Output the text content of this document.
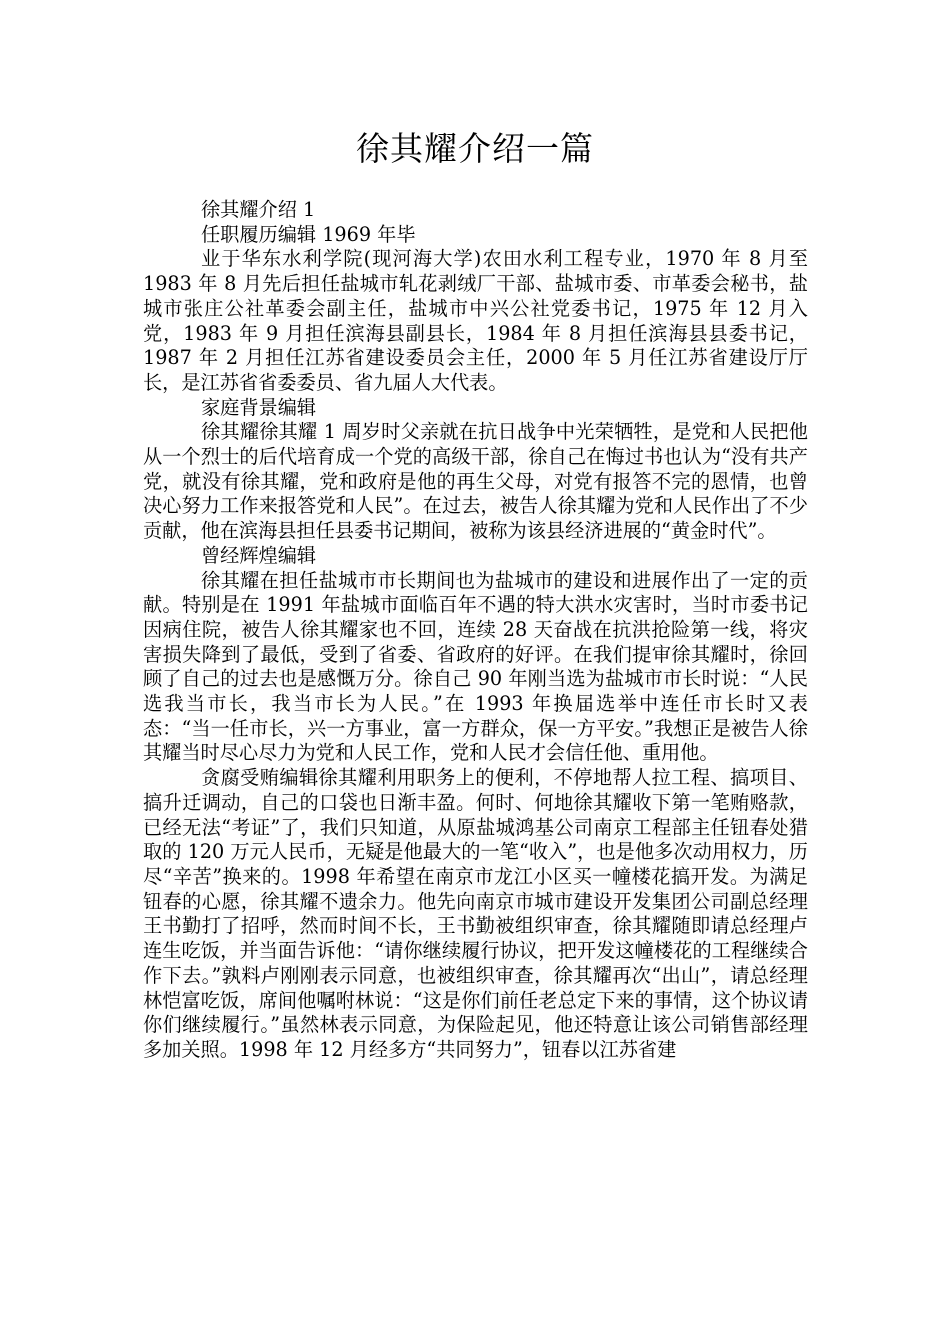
徐其耀介绍一篇

徐其耀介绍 1

任职履历编辑 1969 年毕

业于华东水利学院(现河海大学)农田水利工程专业，1970 年 8 月至 1983 年 8 月先后担任盐城市轧花剥绒厂干部、盐城市委、市革委会秘书，盐城市张庄公社革委会副主任，盐城市中兴公社党委书记，1975 年 12 月入党，1983 年 9 月担任滨海县副县长，1984 年 8 月担任滨海县县委书记，1987 年 2 月担任江苏省建设委员会主任，2000 年 5 月任江苏省建设厅厅长，是江苏省省委委员、省九届人大代表。

家庭背景编辑

徐其耀徐其耀 1 周岁时父亲就在抗日战争中光荣牺牲，是党和人民把他从一个烈士的后代培育成一个党的高级干部，徐自己在悔过书也认为“没有共产党，就没有徐其耀，党和政府是他的再生父母，对党有报答不完的恩情，也曾决心努力工作来报答党和人民”。在过去，被告人徐其耀为党和人民作出了不少贡献，他在滨海县担任县委书记期间，被称为该县经济进展的“黄金时代”。

曾经辉煌编辑

徐其耀在担任盐城市市长期间也为盐城市的建设和进展作出了一定的贡献。特别是在 1991 年盐城市面临百年不遇的特大洪水灾害时，当时市委书记因病住院，被告人徐其耀家也不回，连续 28 天奋战在抗洪抢险第一线，将灾害损失降到了最低，受到了省委、省政府的好评。在我们提审徐其耀时，徐回顾了自己的过去也是感慨万分。徐自己 90 年刚当选为盐城市市长时说：“人民选我当市长，我当市长为人民。”在 1993 年换届选举中连任市长时又表态：“当一任市长，兴一方事业，富一方群众，保一方平安。”我想正是被告人徐其耀当时尽心尽力为党和人民工作，党和人民才会信任他、重用他。

贪腐受贿编辑徐其耀利用职务上的便利，不停地帮人拉工程、搞项目、搞升迁调动，自己的口袋也日渐丰盈。何时、何地徐其耀收下第一笔贿赂款，已经无法“考证”了，我们只知道，从原盐城鸿基公司南京工程部主任钮春处猎取的 120 万元人民币，无疑是他最大的一笔“收入”，也是他多次动用权力，历尽“辛苦”换来的。1998 年希望在南京市龙江小区买一幢楼花搞开发。为满足钮春的心愿，徐其耀不遗余力。他先向南京市城市建设开发集团公司副总经理王书勤打了招呼，然而时间不长，王书勤被组织审查，徐其耀随即请总经理卢连生吃饭，并当面告诉他：“请你继续履行协议，把开发这幢楼花的工程继续合作下去。”孰料卢刚刚表示同意，也被组织审查，徐其耀再次“出山”，请总经理林恺富吃饭，席间他嘱咐林说：“这是你们前任老总定下来的事情，这个协议请你们继续履行。”虽然林表示同意，为保险起见，他还特意让该公司销售部经理多加关照。1998 年 12 月经多方“共同努力”，钮春以江苏省建
